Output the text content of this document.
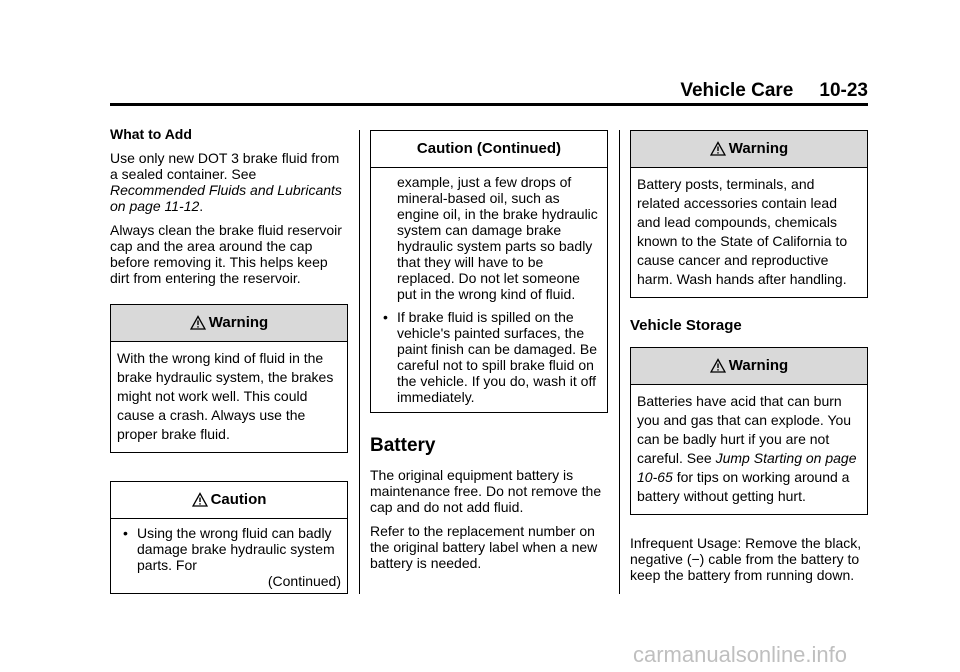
Vehicle Care 10-23

What to Add

Use only new DOT 3 brake fluid from a sealed container. See Recommended Fluids and Lubricants on page 11-12.

Always clean the brake fluid reservoir cap and the area around the cap before removing it. This helps keep dirt from entering the reservoir.

Warning
With the wrong kind of fluid in the brake hydraulic system, the brakes might not work well. This could cause a crash. Always use the proper brake fluid.
Caution
• Using the wrong fluid can badly damage brake hydraulic system parts. For
(Continued)
Caution (Continued)
example, just a few drops of mineral-based oil, such as engine oil, in the brake hydraulic system can damage brake hydraulic system parts so badly that they will have to be replaced. Do not let someone put in the wrong kind of fluid.
• If brake fluid is spilled on the vehicle's painted surfaces, the paint finish can be damaged. Be careful not to spill brake fluid on the vehicle. If you do, wash it off immediately.
Battery

The original equipment battery is maintenance free. Do not remove the cap and do not add fluid.

Refer to the replacement number on the original battery label when a new battery is needed.

Warning
Battery posts, terminals, and related accessories contain lead and lead compounds, chemicals known to the State of California to cause cancer and reproductive harm. Wash hands after handling.
Vehicle Storage
Warning
Batteries have acid that can burn you and gas that can explode. You can be badly hurt if you are not careful. See Jump Starting on page 10-65 for tips on working around a battery without getting hurt.

Infrequent Usage: Remove the black, negative (−) cable from the battery to keep the battery from running down.

carmanualsonline.info
